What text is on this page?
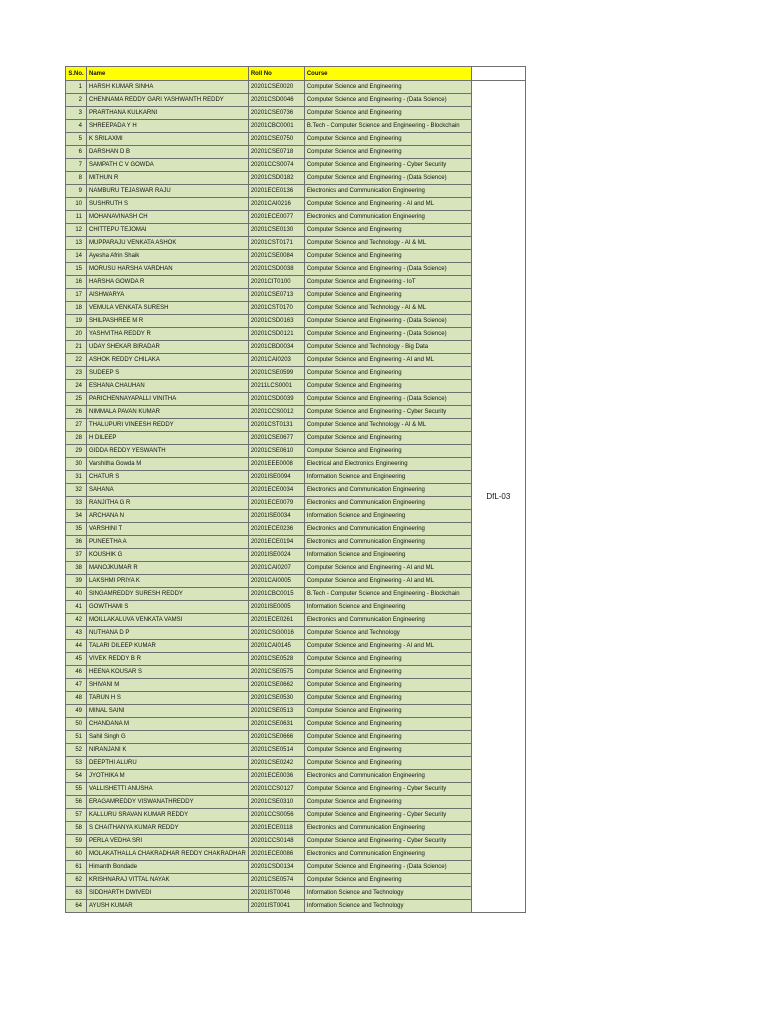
S.No.	Name	Roll No	Course	
1	HARSH KUMAR SINHA	2020​1CSE0020	Computer Science and Engineering	DfL-03
2	CHENNAMA REDDY GARI YASHWANTH REDDY	20201CSD0046	Computer Science and Engineering - (Data Science)	
3	PRARTHANA KULKARNI	20201CSE0736	Computer Science and Engineering	
4	SHREEPADA Y H	20201CBC0001	B.Tech - Computer Science and Engineering - Blockchain	
5	K SRILAXMI	20201CSE0750	Computer Science and Engineering	
6	DARSHAN D B	20201CSE0718	Computer Science and Engineering	
7	SAMPATH C V GOWDA	20201CCS0074	Computer Science and Engineering - Cyber Security	
8	MITHUN R	20201CSD0182	Computer Science and Engineering - (Data Science)	
9	NAMBURU TEJASWAR RAJU	20201ECE0136	Electronics and Communication Engineering	
10	SUSHRUTH S	20201CAI0216	Computer Science and Engineering - AI and ML	
11	MOHANAVINASH CH	20201ECE0077	Electronics and Communication Engineering	
12	CHITTEPU TEJOMAI	20201CSE0130	Computer Science and Engineering	
13	MUPPARAJU VENKATA ASHOK	20201CST0171	Computer Science and Technology - AI & ML	
14	Ayesha Afrin Shaik	20201CSE0084	Computer Science and Engineering	
15	MORUSU HARSHA VARDHAN	20201CSD0038	Computer Science and Engineering - (Data Science)	
16	HARSHA GOWDA R	20201CIT0100	Computer Science and Engineering - IoT	
17	AISHWARYA	20201CSE0713	Computer Science and Engineering	
18	VEMULA VENKATA SURESH	20201CST0170	Computer Science and Technology - AI & ML	
19	SHILPASHREE M R	20201CSD0163	Computer Science and Engineering - (Data Science)	
20	YASHVITHA REDDY R	20201CSD0121	Computer Science and Engineering - (Data Science)	
21	UDAY SHEKAR BIRADAR	20201CBD0034	Computer Science and Technology - Big Data	
22	ASHOK REDDY CHILAKA	20201CAI0203	Computer Science and Engineering - AI and ML	
23	SUDEEP S	20201CSE0599	Computer Science and Engineering	
24	ESHANA CHAUHAN	20211LCS0001	Computer Science and Engineering	
25	PARICHENNAYAPALLI VINITHA	20201CSD0039	Computer Science and Engineering - (Data Science)	
26	NIMMALA PAVAN KUMAR	20201CCS0012	Computer Science and Engineering - Cyber Security	
27	THALUPURI VINEESH REDDY	20201CST0131	Computer Science and Technology - AI & ML	
28	H DILEEP	20201CSE0677	Computer Science and Engineering	
29	GIDDA REDDY YESWANTH	20201CSE0610	Computer Science and Engineering	
30	Varshitha Gowda M	20201EEE0008	Electrical and Electronics Engineering	
31	CHATUR S	20201ISE0094	Information Science and Engineering	
32	SAHANA	20201ECE0034	Electronics and Communication Engineering	
33	RANJITHA G R	20201ECE0079	Electronics and Communication Engineering	
34	ARCHANA N	20201ISE0034	Information Science and Engineering	
35	VARSHINI T	20201ECE0236	Electronics and Communication Engineering	
36	PUNEETHA A	20201ECE0194	Electronics and Communication Engineering	
37	KOUSHIK G	20201ISE0024	Information Science and Engineering	
38	MANOJKUMAR R	20201CAI0207	Computer Science and Engineering - AI and ML	
39	LAKSHMI PRIYA K	20201CAI0005	Computer Science and Engineering - AI and ML	
40	SINGAMREDDY SURESH REDDY	20201CBC0015	B.Tech - Computer Science and Engineering - Blockchain	
41	GOWTHAMI S	20201ISE0005	Information Science and Engineering	
42	MOILLAKALUVA VENKATA VAMSI	20201ECE0261	Electronics and Communication Engineering	
43	NUTHANA D P	20201CSG0016	Computer Science and Technology	
44	TALARI DILEEP KUMAR	20201CAI0145	Computer Science and Engineering - AI and ML	
45	VIVEK REDDY B R	20201CSE0528	Computer Science and Engineering	
46	HEENA KOUSAR S	20201CSE0575	Computer Science and Engineering	
47	SHIVANI M	20201CSE0662	Computer Science and Engineering	
48	TARUN H S	20201CSE0530	Computer Science and Engineering	
49	MINAL SAINI	20201CSE0513	Computer Science and Engineering	
50	CHANDANA M	20201CSE0631	Computer Science and Engineering	
51	Sahil Singh G	20201CSE0666	Computer Science and Engineering	
52	NIRANJANI K	20201CSE0514	Computer Science and Engineering	
53	DEEPTHI ALURU	20201CSE0242	Computer Science and Engineering	
54	JYOTHIKA M	20201ECE0036	Electronics and Communication Engineering	
55	VALLISHETTI ANUSHA	20201CCS0127	Computer Science and Engineering - Cyber Security	
56	ERAGAMREDDY VISWANATHREDDY	20201CSE0310	Computer Science and Engineering	
57	KALLURU SRAVAN KUMAR REDDY	20201CCS0056	Computer Science and Engineering - Cyber Security	
58	S CHAITHANYA KUMAR REDDY	20201ECE0118	Electronics and Communication Engineering	
59	PERLA VEDHA SRI	20201CCS0148	Computer Science and Engineering - Cyber Security	
60	MOLAKATHALLA CHAKRADHAR REDDY CHAKRADHAR	20201ECE0086	Electronics and Communication Engineering	
61	Himanth Bondade	20201CSD0134	Computer Science and Engineering - (Data Science)	
62	KRISHNARAJ VITTAL NAYAK	20201CSE0574	Computer Science and Engineering	
63	SIDDHARTH DWIVEDI	20201IST0046	Information Science and Technology	
64	AYUSH KUMAR	20201IST0041	Information Science and Technology	
